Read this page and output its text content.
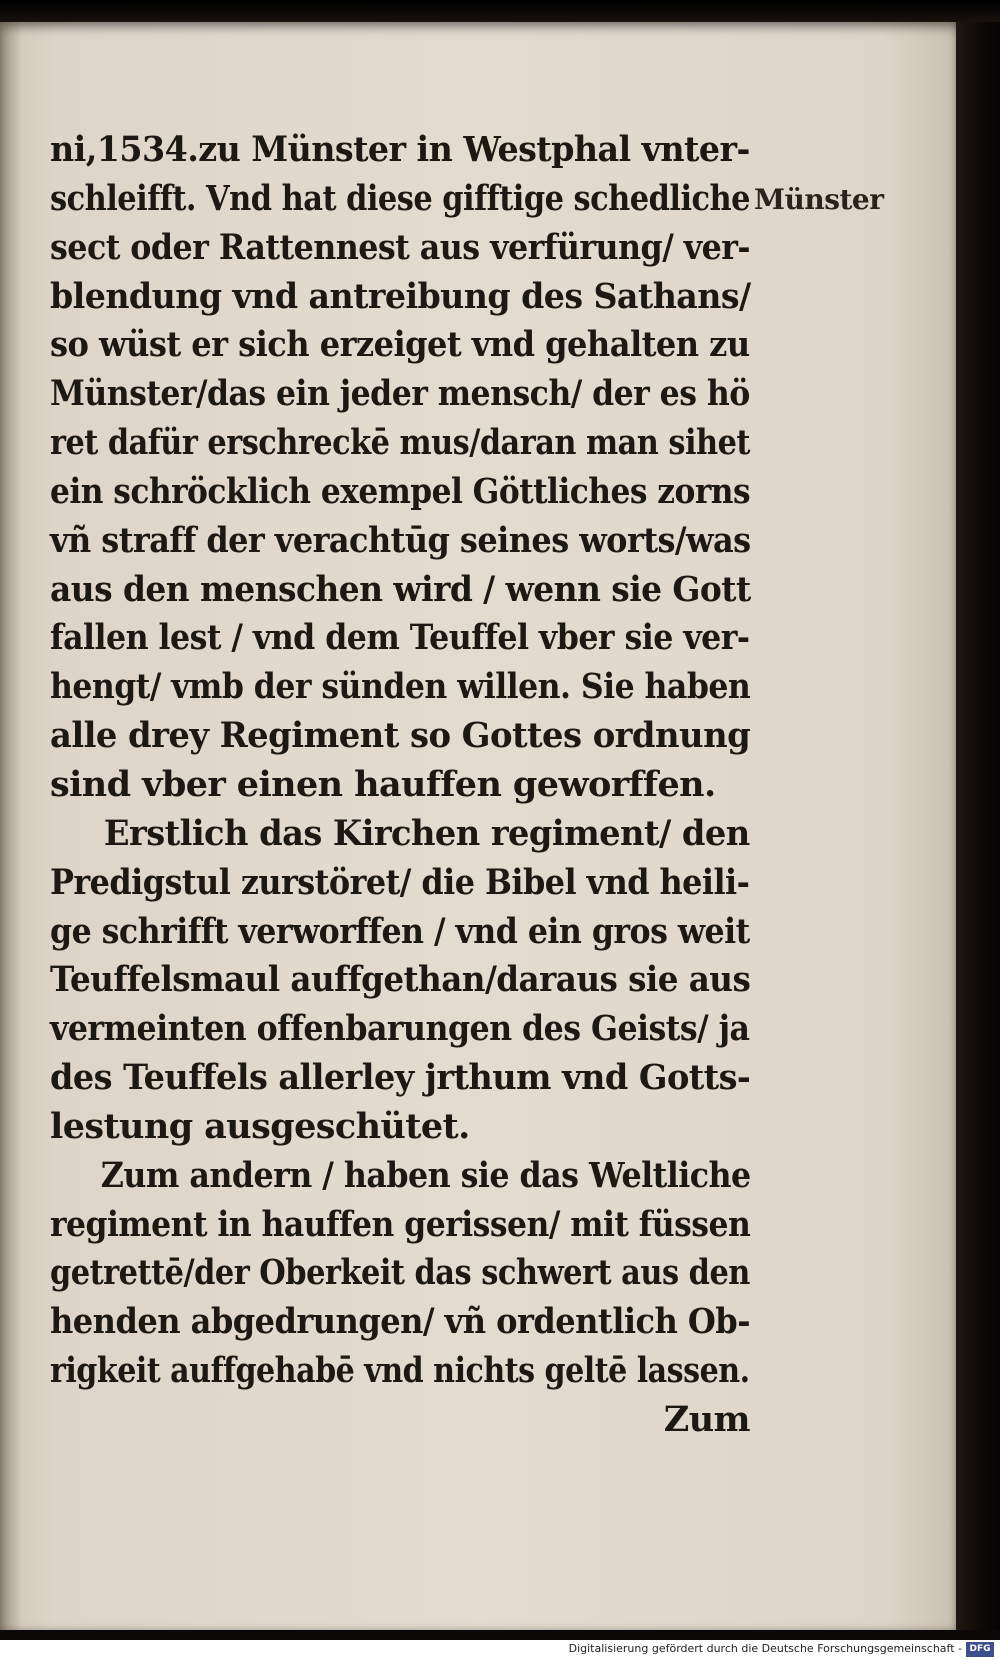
Münster
ni,1534.zu Münster in Westphal vnter-
schleifft. Vnd hat diese gifftige schedliche
sect oder Rattennest aus verfürung/ ver-
blendung vnd antreibung des Sathans/
so wüst er sich erzeiget vnd gehalten zu
Münster/das ein jeder mensch/ der es hö
ret dafür erschreckē mus/daran man sihet
ein schröcklich exempel Göttliches zorns
vñ straff der verachtūg seines worts/was
aus den menschen wird / wenn sie Gott
fallen lest / vnd dem Teuffel vber sie ver-
hengt/ vmb der sünden willen. Sie haben
alle drey Regiment so Gottes ordnung
sind vber einen hauffen geworffen.
Erstlich das Kirchen regiment/ den
Predigstul zurstöret/ die Bibel vnd heili-
ge schrifft verworffen / vnd ein gros weit
Teuffelsmaul auffgethan/daraus sie aus
vermeinten offenbarungen des Geists/ ja
des Teuffels allerley jrthum vnd Gotts-
lestung ausgeschütet.
Zum andern / haben sie das Weltliche
regiment in hauffen gerissen/ mit füssen
getrettē/der Oberkeit das schwert aus den
henden abgedrungen/ vñ ordentlich Ob-
rigkeit auffgehabē vnd nichts geltē lassen.
Zum
Digitalisierung gefördert durch die Deutsche Forschungsgemeinschaft - DFG
